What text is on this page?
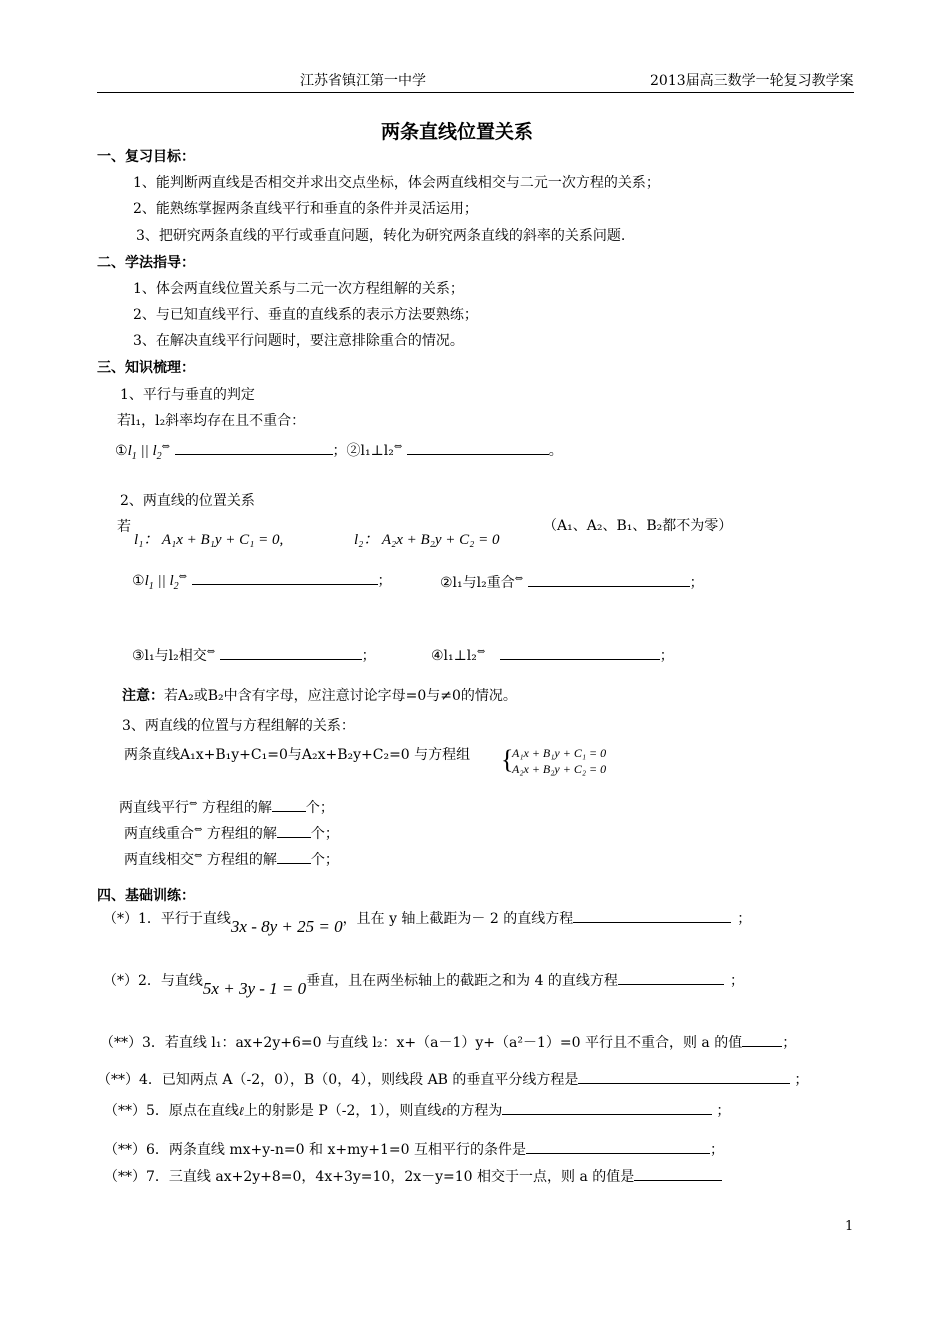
江苏省镇江第一中学	2013届高三数学一轮复习教学案
两条直线位置关系
一、复习目标：
1、能判断两直线是否相交并求出交点坐标，体会两直线相交与二元一次方程的关系；
2、能熟练掌握两条直线平行和垂直的条件并灵活运用；
3、把研究两条直线的平行或垂直问题，转化为研究两条直线的斜率的关系问题.
二、学法指导：
1、体会两直线位置关系与二元一次方程组解的关系；
2、与已知直线平行、垂直的直线系的表示方法要熟练；
3、在解决直线平行问题时，要注意排除重合的情况。
三、知识梳理：
1、平行与垂直的判定
若l₁，l₂斜率均存在且不重合：
$①l_1$ || $l_2^\Leftrightarrow$	；②l₁⊥l₂⇔	。
2、两直线的位置关系
若
l₁： A₁x + B₁y + C₁ = 0,	l₂： A₂x + B₂y + C₂ = 0
（A₁、A₂、B₁、B₂都不为零）
$①l_1$ || $l_2^\Leftrightarrow$	；	②l₁与l₂重合⇔	；
③l₁与l₂相交⇔	；	④l₁⊥l₂⇔	；
注意：若A₂或B₂中含有字母，应注意讨论字母=0与≠0的情况。
3、两直线的位置与方程组解的关系：
两条直线A₁x+B₁y+C₁=0与A₂x+B₂y+C₂=0 与方程组 {
A₁x + B₁y + C₁ = 0
A₂x + B₂y + C₂ = 0
两直线平行⇔ 方程组的解 个；
两直线重合⇔ 方程组的解 个；
两直线相交⇔ 方程组的解 个；
四、基础训练：
（*）1．平行于直线3x - 8y + 25 = 0，且在 y 轴上截距为－ 2 的直线方程	；
（*）2．与直线5x + 3y - 1 = 0垂直，且在两坐标轴上的截距之和为 4 的直线方程	；
（**）3．若直线 l₁：ax+2y+6=0 与直线 l₂：x+（a－1）y+（a²－1）=0 平行且不重合，则 a 的值	；
（**）4．已知两点 A（-2，0），B（0，4），则线段 AB 的垂直平分线方程是	；
（**）5．原点在直线ℓ上的射影是 P（-2，1），则直线ℓ的方程为	；
（**）6．两条直线 mx+y-n=0 和 x+my+1=0 互相平行的条件是	；
（**）7．三直线 ax+2y+8=0，4x+3y=10，2x－y=10 相交于一点，则 a 的值是
1
